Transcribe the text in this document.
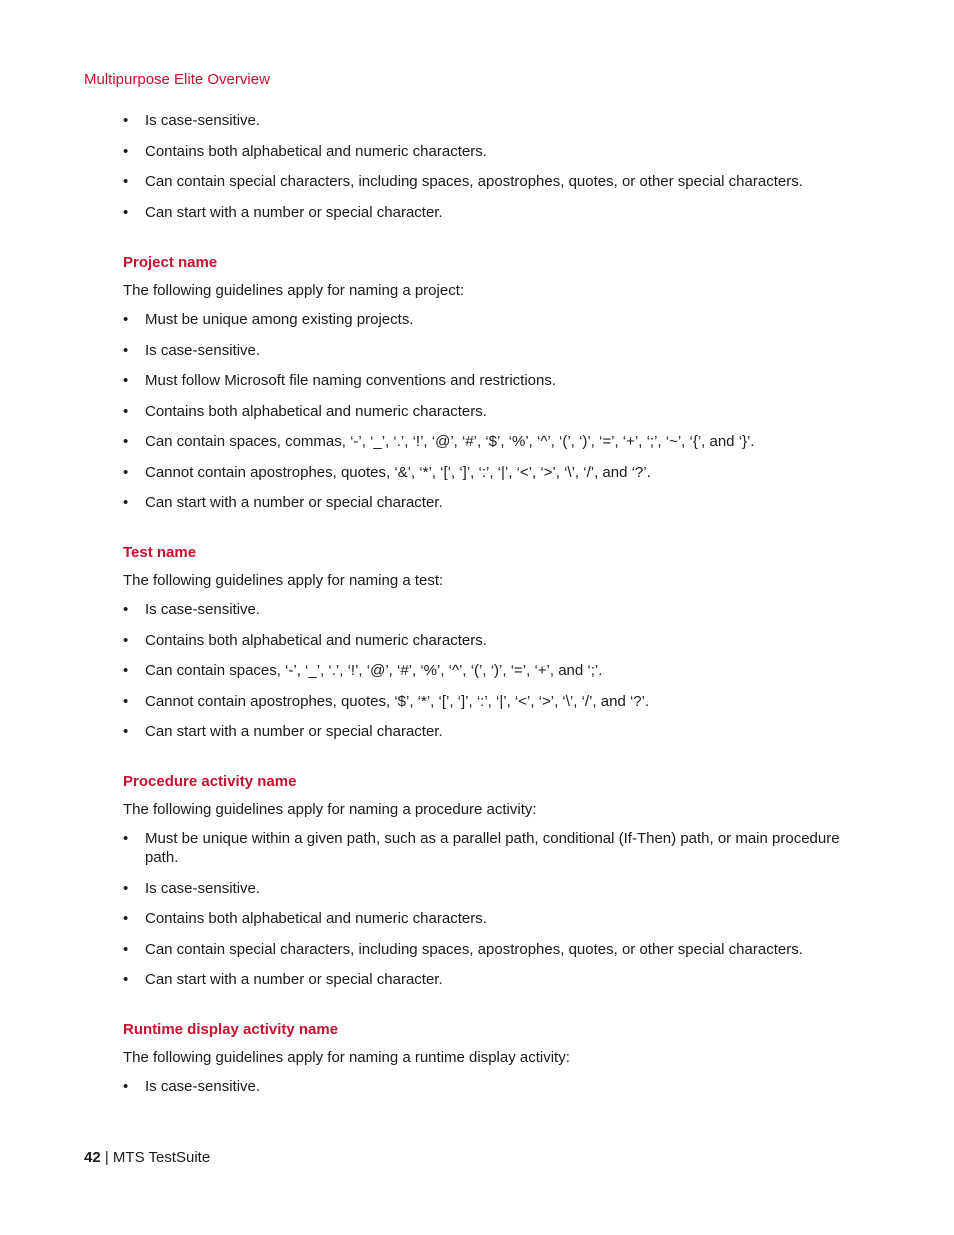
Multipurpose Elite Overview
• Is case-sensitive.
• Contains both alphabetical and numeric characters.
• Can contain special characters, including spaces, apostrophes, quotes, or other special characters.
• Can start with a number or special character.
Project name

The following guidelines apply for naming a project:

• Must be unique among existing projects.
• Is case-sensitive.
• Must follow Microsoft file naming conventions and restrictions.
• Contains both alphabetical and numeric characters.
• Can contain spaces, commas, ‘-’, ‘_’, ‘.’, ‘!’, ‘@’, ‘#’, ‘$’, ‘%’, ‘^’, ‘(’, ‘)’, ‘=’, ‘+’, ‘;’, ‘~’, ‘{’, and ‘}’.
• Cannot contain apostrophes, quotes, ‘&’, ‘*’, ‘[’, ‘]’, ‘:’, ‘|’, ‘<’, ‘>’, ‘\’, ‘/’, and ‘?’.
• Can start with a number or special character.
Test name

The following guidelines apply for naming a test:

• Is case-sensitive.
• Contains both alphabetical and numeric characters.
• Can contain spaces, ‘-’, ‘_’, ‘.’, ‘!’, ‘@’, ‘#’, ‘%’, ‘^’, ‘(’, ‘)’, ‘=’, ‘+’, and ‘;’.
• Cannot contain apostrophes, quotes, ‘$’, ‘*’, ‘[’, ‘]’, ‘:’, ‘|’, ‘<’, ‘>’, ‘\’, ‘/’, and ‘?’.
• Can start with a number or special character.
Procedure activity name

The following guidelines apply for naming a procedure activity:

• Must be unique within a given path, such as a parallel path, conditional (If-Then) path, or main procedure path.
• Is case-sensitive.
• Contains both alphabetical and numeric characters.
• Can contain special characters, including spaces, apostrophes, quotes, or other special characters.
• Can start with a number or special character.
Runtime display activity name

The following guidelines apply for naming a runtime display activity:

• Is case-sensitive.
42 | MTS TestSuite
